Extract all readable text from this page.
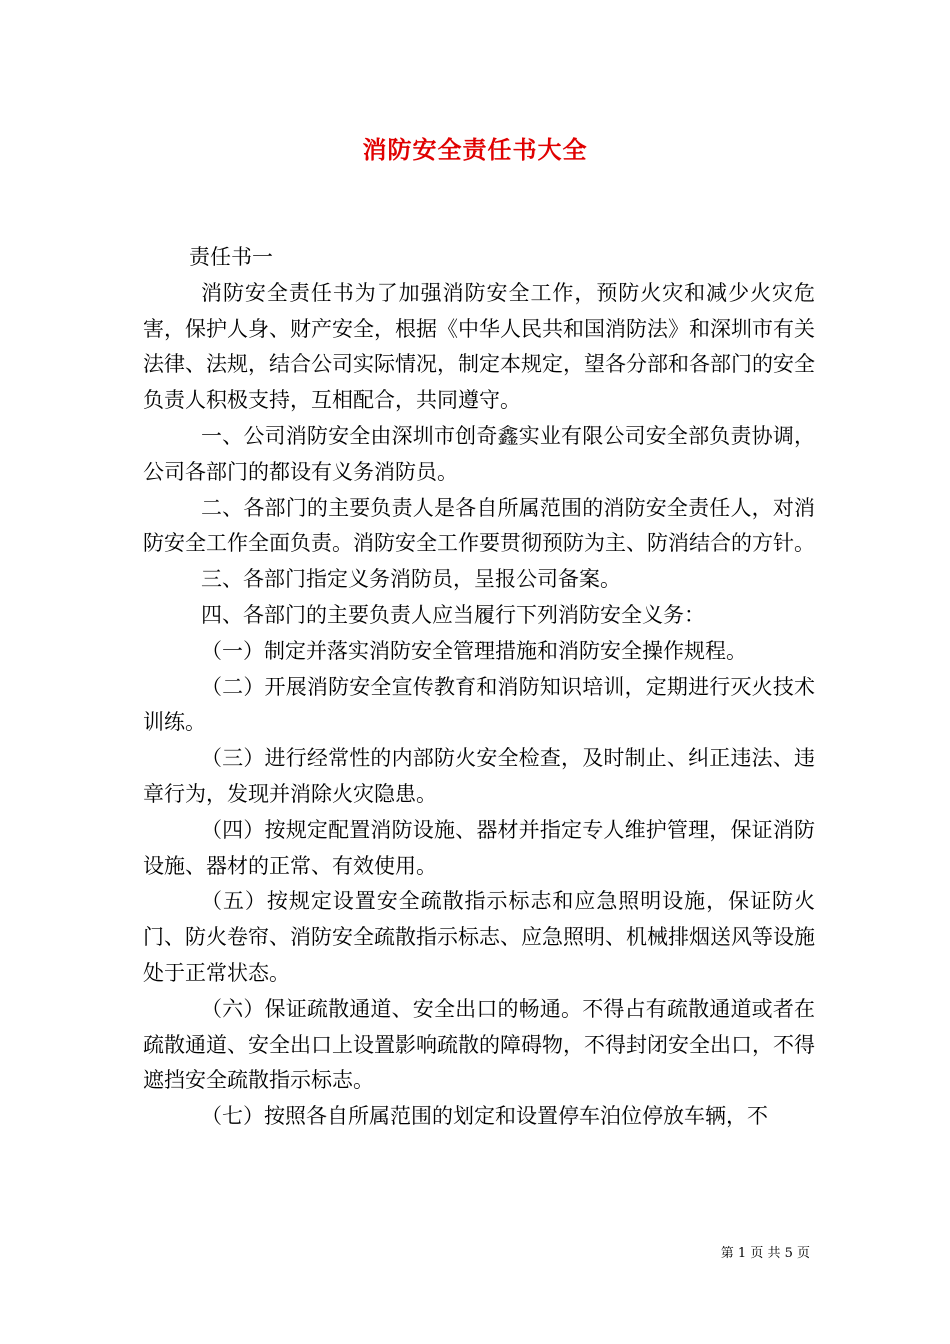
消防安全责任书大全

责任书一

消防安全责任书为了加强消防安全工作，预防火灾和减少火灾危害，保护人身、财产安全，根据《中华人民共和国消防法》和深圳市有关法律、法规，结合公司实际情况，制定本规定，望各分部和各部门的安全负责人积极支持，互相配合，共同遵守。

一、公司消防安全由深圳市创奇鑫实业有限公司安全部负责协调，公司各部门的都设有义务消防员。

二、各部门的主要负责人是各自所属范围的消防安全责任人，对消防安全工作全面负责。消防安全工作要贯彻预防为主、防消结合的方针。

三、各部门指定义务消防员，呈报公司备案。

四、各部门的主要负责人应当履行下列消防安全义务：

（一）制定并落实消防安全管理措施和消防安全操作规程。

（二）开展消防安全宣传教育和消防知识培训，定期进行灭火技术训练。

（三）进行经常性的内部防火安全检查，及时制止、纠正违法、违章行为，发现并消除火灾隐患。

（四）按规定配置消防设施、器材并指定专人维护管理，保证消防设施、器材的正常、有效使用。

（五）按规定设置安全疏散指示标志和应急照明设施，保证防火门、防火卷帘、消防安全疏散指示标志、应急照明、机械排烟送风等设施处于正常状态。

（六）保证疏散通道、安全出口的畅通。不得占有疏散通道或者在疏散通道、安全出口上设置影响疏散的障碍物，不得封闭安全出口，不得遮挡安全疏散指示标志。

（七）按照各自所属范围的划定和设置停车泊位停放车辆，不

第 1 页 共 5 页
